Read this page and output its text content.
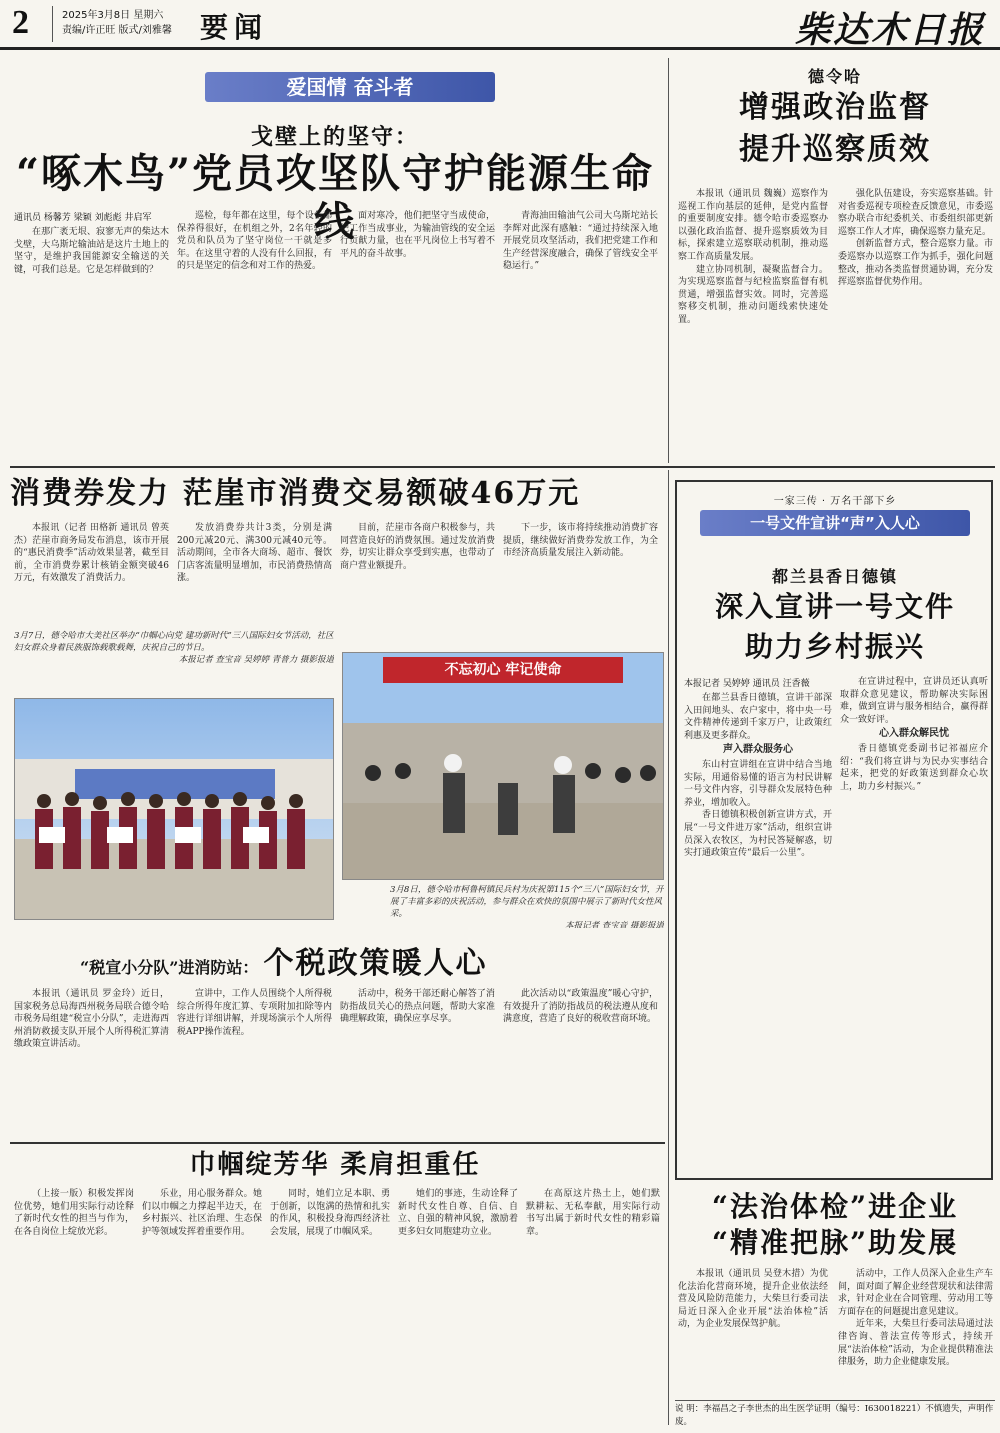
2	2025年3月8日 星期六
责编/许正旺 版式/刘雅馨 要闻	柴达木日报
爱国情 奋斗者
戈壁上的坚守：
“啄木鸟”党员攻坚队守护能源生命线
通讯员 杨馨芳 梁颖 刘彪彪 井启军

在那广袤无垠、寂寥无声的柴达木戈壁，大乌斯坨输油站是这片土地上的坚守，是维护我国能源安全输送的关键，可我们总是。它是怎样做到的？

巡检，每年都在这里，每个设备都保养得很好，在机组之外，2名年轻的党员和队员为了坚守岗位一干就是多年。在这里守着的人没有什么回报，有的只是坚定的信念和对工作的热爱。

面对寒冷，他们把坚守当成使命，把工作当成事业，为输油管线的安全运行贡献力量，也在平凡岗位上书写着不平凡的奋斗故事。

青海油田输油气公司大乌斯坨站长李辉对此深有感触：“通过持续深入地开展党员攻坚活动，我们把党建工作和生产经营深度融合，确保了管线安全平稳运行。”

德令哈
增强政治监督
提升巡察质效

本报讯（通讯员 魏巍）巡察作为巡视工作向基层的延伸，是党内监督的重要制度安排。德令哈市委巡察办以强化政治监督、提升巡察质效为目标，探索建立巡察联动机制，推动巡察工作高质量发展。

建立协同机制，凝聚监督合力。为实现巡察监督与纪检监察监督有机贯通，增强监督实效。同时，完善巡察移交机制，推动问题线索快速处置。

强化队伍建设，夯实巡察基础。针对省委巡视专项检查反馈意见，市委巡察办联合市纪委机关、市委组织部更新巡察工作人才库，确保巡察力量充足。

创新监督方式，整合巡察力量。市委巡察办以巡察工作为抓手，强化问题整改，推动各类监督贯通协调，充分发挥巡察监督优势作用。

消费券发力 茫崖市消费交易额破46万元

本报讯（记者 田格新 通讯员 曾英杰）茫崖市商务局发布消息，该市开展的“惠民消费季”活动效果显著，截至目前，全市消费券累计核销金额突破46万元，有效激发了消费活力。

发放消费券共计3类，分别是满200元减20元、满300元减40元等。活动期间，全市各大商场、超市、餐饮门店客流量明显增加，市民消费热情高涨。

目前，茫崖市各商户积极参与，共同营造良好的消费氛围。通过发放消费券，切实让群众享受到实惠，也带动了商户营业额提升。

下一步，该市将持续推动消费扩容提质，继续做好消费券发放工作，为全市经济高质量发展注入新动能。

3月7日，德令哈市大美社区举办“巾帼心向党 建功新时代”三八国际妇女节活动，社区妇女群众身着民族服饰载歌载舞，庆祝自己的节日。
本报记者 查宝音 吴婷婷 青普力 摄影报道
不忘初心 牢记使命
3月8日，德令哈市柯鲁柯镇民兵村为庆祝第115个“三八”国际妇女节，开展了丰富多彩的庆祝活动，参与群众在欢快的氛围中展示了新时代女性风采。
本报记者 查宝音 摄影报道
一家三传 · 万名干部下乡
一号文件宣讲“声”入人心
都兰县香日德镇
深入宣讲一号文件
助力乡村振兴
本报记者 吴婷婷 通讯员 汪香薇

在都兰县香日德镇，宣讲干部深入田间地头、农户家中，将中央一号文件精神传递到千家万户，让政策红利惠及更多群众。

声入群众服务心

东山村宣讲组在宣讲中结合当地实际，用通俗易懂的语言为村民讲解一号文件内容，引导群众发展特色种养业，增加收入。

香日德镇积极创新宣讲方式，开展“一号文件进万家”活动，组织宣讲员深入农牧区，为村民答疑解惑，切实打通政策宣传“最后一公里”。

在宣讲过程中，宣讲员还认真听取群众意见建议，帮助解决实际困难，做到宣讲与服务相结合，赢得群众一致好评。

心入群众解民忧

香日德镇党委副书记祁福应介绍：“我们将宣讲与为民办实事结合起来，把党的好政策送到群众心坎上，助力乡村振兴。”

“税宣小分队”进消防站： 个税政策暖人心

本报讯（通讯员 罗金玲）近日，国家税务总局海西州税务局联合德令哈市税务局组建“税宣小分队”，走进海西州消防救援支队开展个人所得税汇算清缴政策宣讲活动。

宣讲中，工作人员围绕个人所得税综合所得年度汇算、专项附加扣除等内容进行详细讲解，并现场演示个人所得税APP操作流程。

活动中，税务干部还耐心解答了消防指战员关心的热点问题，帮助大家准确理解政策，确保应享尽享。

此次活动以“政策温度”暖心守护，有效提升了消防指战员的税法遵从度和满意度，营造了良好的税收营商环境。

巾帼绽芳华 柔肩担重任

（上接一版）积极发挥岗位优势，她们用实际行动诠释了新时代女性的担当与作为，在各自岗位上绽放光彩。

乐业，用心服务群众。她们以巾帼之力撑起半边天，在乡村振兴、社区治理、生态保护等领域发挥着重要作用。

同时，她们立足本职、勇于创新，以饱满的热情和扎实的作风，积极投身海西经济社会发展，展现了巾帼风采。

她们的事迹，生动诠释了新时代女性自尊、自信、自立、自强的精神风貌，激励着更多妇女同胞建功立业。

在高原这片热土上，她们默默耕耘、无私奉献，用实际行动书写出属于新时代女性的精彩篇章。

“法治体检”进企业
“精准把脉”助发展

本报讯（通讯员 吴登木措）为优化法治化营商环境，提升企业依法经营及风险防范能力，大柴旦行委司法局近日深入企业开展“法治体检”活动，为企业发展保驾护航。

活动中，工作人员深入企业生产车间，面对面了解企业经营现状和法律需求，针对企业在合同管理、劳动用工等方面存在的问题提出意见建议。

近年来，大柴旦行委司法局通过法律咨询、普法宣传等形式，持续开展“法治体检”活动，为企业提供精准法律服务，助力企业健康发展。

说 明：李福昌之子李世杰的出生医学证明（编号：I630018221）不慎遗失，声明作废。
